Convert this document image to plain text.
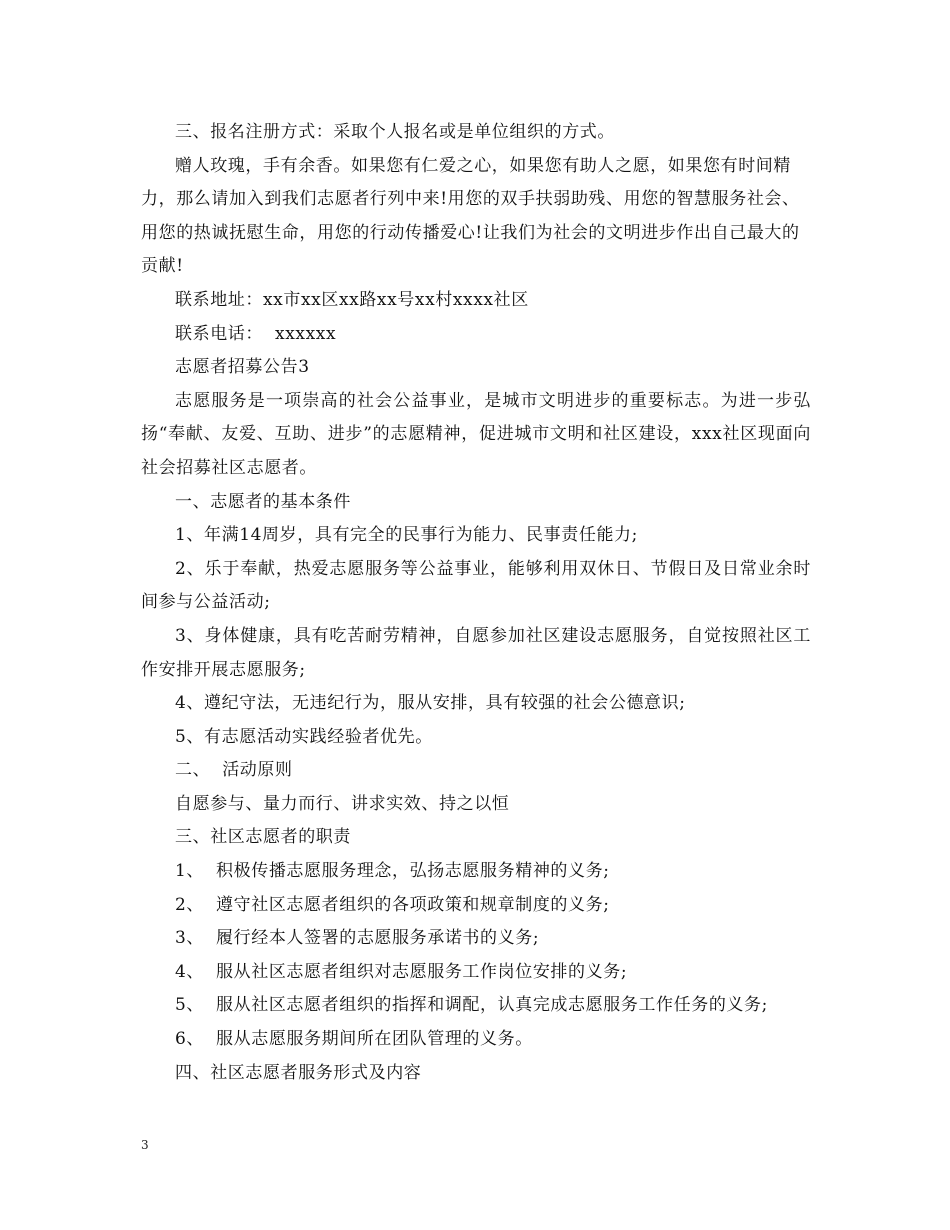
三、报名注册方式：采取个人报名或是单位组织的方式。

赠人玫瑰，手有余香。如果您有仁爱之心，如果您有助人之愿，如果您有时间精力，那么请加入到我们志愿者行列中来!用您的双手扶弱助残、用您的智慧服务社会、用您的热诚抚慰生命，用您的行动传播爱心!让我们为社会的文明进步作出自己最大的贡献!

联系地址：xx市xx区xx路xx号xx村xxxx社区

联系电话：  xxxxxx

志愿者招募公告3

志愿服务是一项崇高的社会公益事业，是城市文明进步的重要标志。为进一步弘扬“奉献、友爱、互助、进步”的志愿精神，促进城市文明和社区建设，xxx社区现面向社会招募社区志愿者。

一、志愿者的基本条件

1、年满14周岁，具有完全的民事行为能力、民事责任能力;

2、乐于奉献，热爱志愿服务等公益事业，能够利用双休日、节假日及日常业余时间参与公益活动;

3、身体健康，具有吃苦耐劳精神，自愿参加社区建设志愿服务，自觉按照社区工作安排开展志愿服务;

4、遵纪守法，无违纪行为，服从安排，具有较强的社会公德意识;

5、有志愿活动实践经验者优先。

二、  活动原则

自愿参与、量力而行、讲求实效、持之以恒

三、社区志愿者的职责

1、  积极传播志愿服务理念，弘扬志愿服务精神的义务;

2、  遵守社区志愿者组织的各项政策和规章制度的义务;

3、  履行经本人签署的志愿服务承诺书的义务;

4、  服从社区志愿者组织对志愿服务工作岗位安排的义务;

5、  服从社区志愿者组织的指挥和调配，认真完成志愿服务工作任务的义务;

6、  服从志愿服务期间所在团队管理的义务。

四、社区志愿者服务形式及内容

3
